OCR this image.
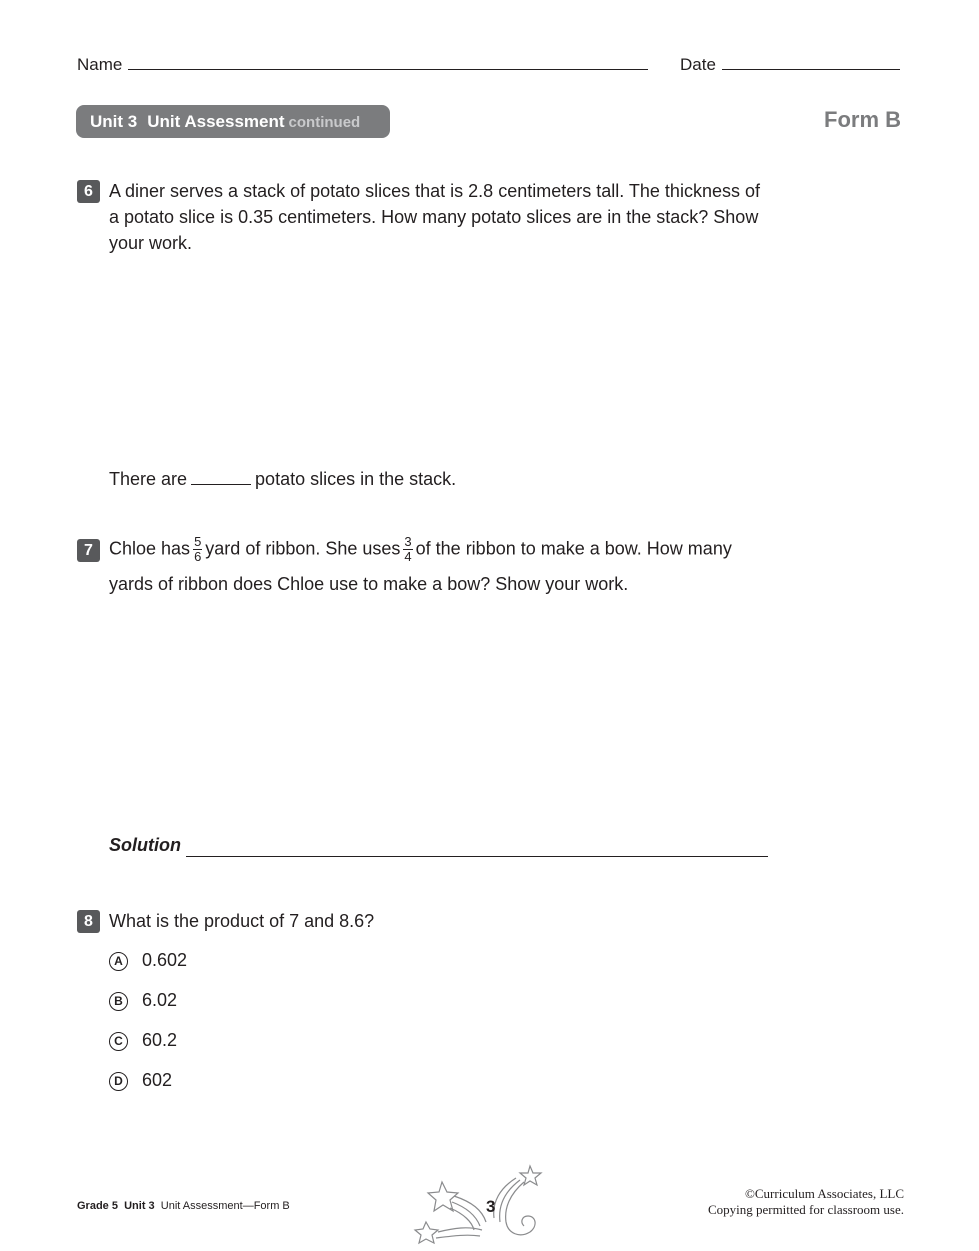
Name	Date
Unit 3 Unit Assessment continued	Form B
6 A diner serves a stack of potato slices that is 2.8 centimeters tall. The thickness of a potato slice is 0.35 centimeters. How many potato slices are in the stack? Show your work.
There are	potato slices in the stack.
7 Chloe has $\frac{5}{6}$ yard of ribbon. She uses $\frac{3}{4}$ of the ribbon to make a bow. How many
yards of ribbon does Chloe use to make a bow? Show your work.
Solution
8 What is the product of 7 and 8.6?
A 0.602
B 6.02
C 60.2
D 602
Grade 5 Unit 3 Unit Assessment—Form B	3
©Curriculum Associates, LLC
Copying permitted for classroom use.
